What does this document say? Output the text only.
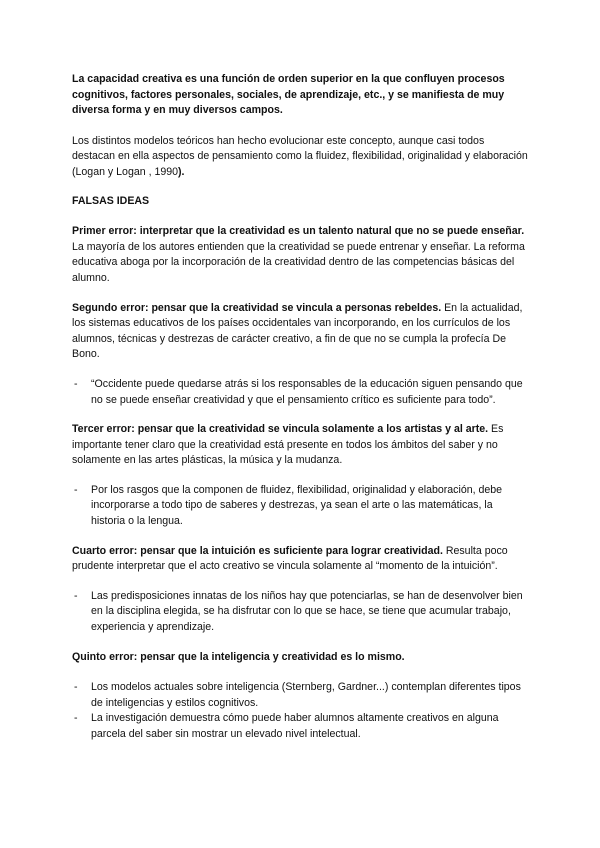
La capacidad creativa es una función de orden superior en la que confluyen procesos cognitivos, factores personales, sociales, de aprendizaje, etc., y se manifiesta de muy diversa forma y en muy diversos campos.

Los distintos modelos teóricos han hecho evolucionar este concepto, aunque casi todos destacan en ella aspectos de pensamiento como la fluidez, flexibilidad, originalidad y elaboración (Logan y Logan , 1990).

FALSAS IDEAS

Primer error: interpretar que la creatividad es un talento natural que no se puede enseñar. La mayoría de los autores entienden que la creatividad se puede entrenar y enseñar. La reforma educativa aboga por la incorporación de la creatividad dentro de las competencias básicas del alumno.

Segundo error: pensar que la creatividad se vincula a personas rebeldes. En la actualidad, los sistemas educativos de los países occidentales van incorporando, en los currículos de los alumnos, técnicas y destrezas de carácter creativo, a fin de que no se cumpla la profecía De Bono.

- “Occidente puede quedarse atrás si los responsables de la educación siguen pensando que no se puede enseñar creatividad y que el pensamiento crítico es suficiente para todo”.

Tercer error: pensar que la creatividad se vincula solamente a los artistas y al arte. Es importante tener claro que la creatividad está presente en todos los ámbitos del saber y no solamente en las artes plásticas, la música y la mudanza.

- Por los rasgos que la componen de fluidez, flexibilidad, originalidad y elaboración, debe incorporarse a todo tipo de saberes y destrezas, ya sean el arte o las matemáticas, la historia o la lengua.

Cuarto error: pensar que la intuición es suficiente para lograr creatividad. Resulta poco prudente interpretar que el acto creativo se vincula solamente al “momento de la intuición”.

- Las predisposiciones innatas de los niños hay que potenciarlas, se han de desenvolver bien en la disciplina elegida, se ha disfrutar con lo que se hace, se tiene que acumular trabajo, experiencia y aprendizaje.

Quinto error: pensar que la inteligencia y creatividad es lo mismo.

- Los modelos actuales sobre inteligencia (Sternberg, Gardner...) contemplan diferentes tipos de inteligencias y estilos cognitivos.
- La investigación demuestra cómo puede haber alumnos altamente creativos en alguna parcela del saber sin mostrar un elevado nivel intelectual.
